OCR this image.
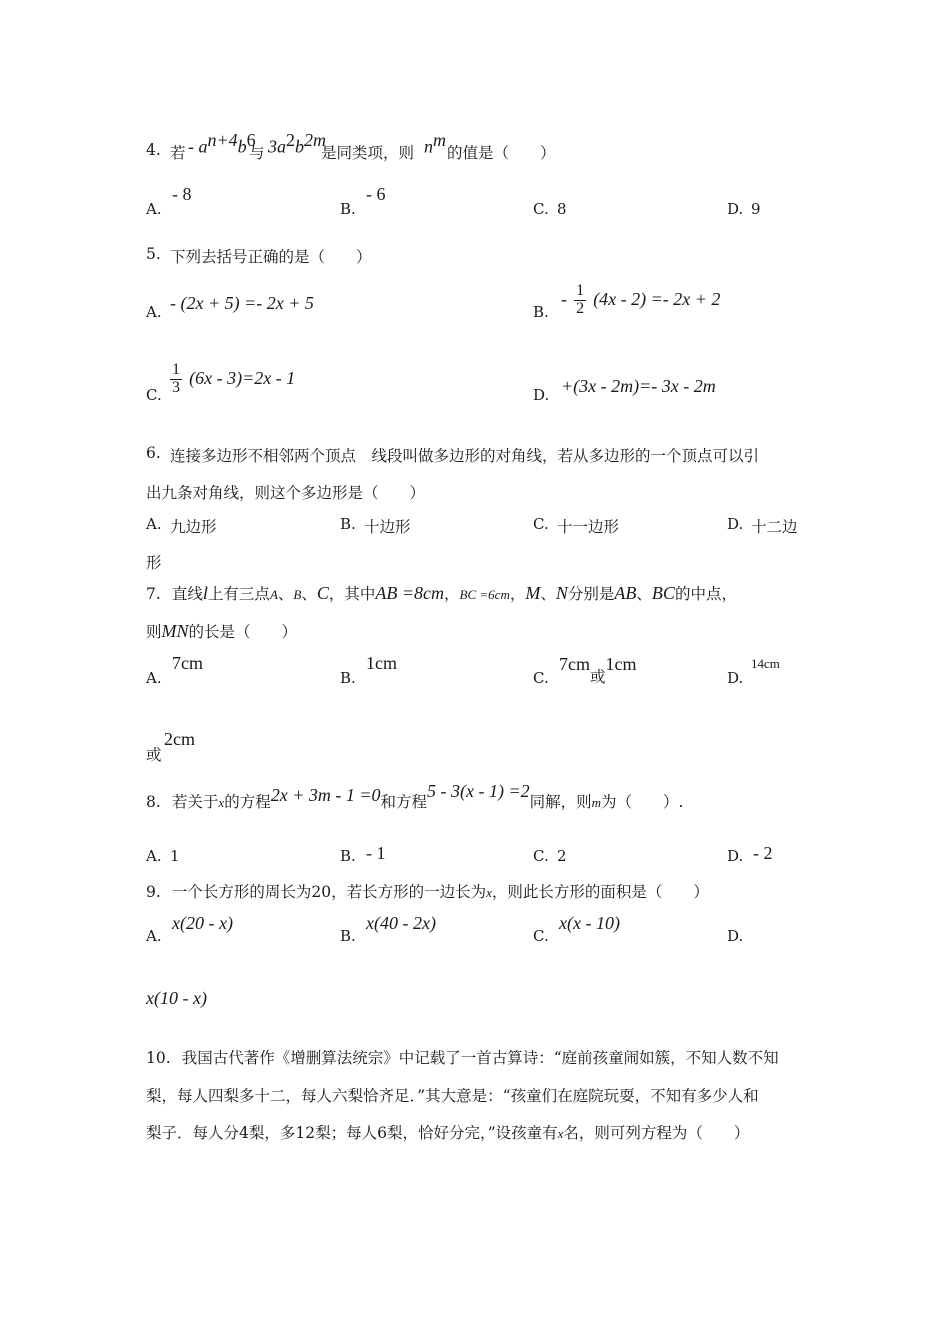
4. 若 - $a^{n+4}b^6$
与 $3a^2b^{2m}$
是同类项，则 $n^m$
的值是（　　）
A.
- 8
B.
- 6
C. 8	D. 9
5. 下列去括号正确的是（　　）
A. - (2x + 5) =- 2x + 5	B.
- $\frac{1}{2} (4x - 2) =- 2x + 2$
C. $\frac{1}{3} (6x - 3)=2x - 1$
D. +(3x - 2m)=- 3x - 2m
6. 连接多边形不相邻两个顶点　线段叫做多边形的对角线，若从多边形的一个顶点可以引
出九条对角线，则这个多边形是（　　）
A. 九边形	B. 十边形	C. 十一边形	D. 十二边
形
7. 直线l上有三点A、B、C，其中AB =8cm，BC =6cm，M、N分别是AB、BC的中点，
则MN的长是（　　）
A.
7cm
B.
1cm
C.
7cm或1cm
D.
14cm
或
2cm
8. 若关于x的方程2x + 3m - 1 =0和方程5 - 3(x - 1) =2同解，则m为（　　）.
A. 1	B. - 1	C. 2	D. - 2
9. 一个长方形的周长为20，若长方形的一边长为x，则此长方形的面积是（　　）
A.
x(20 - x)
B.
x(40 - 2x)
C.
x(x - 10)
D.
x(10 - x)
10. 我国古代著作《增删算法统宗》中记载了一首古算诗：“庭前孩童闹如簇，不知人数不知
梨，每人四梨多十二，每人六梨恰齐足．”其大意是：“孩童们在庭院玩耍，不知有多少人和
梨子．每人分4梨，多12梨；每人6梨，恰好分完，”设孩童有x名，则可列方程为（　　）
